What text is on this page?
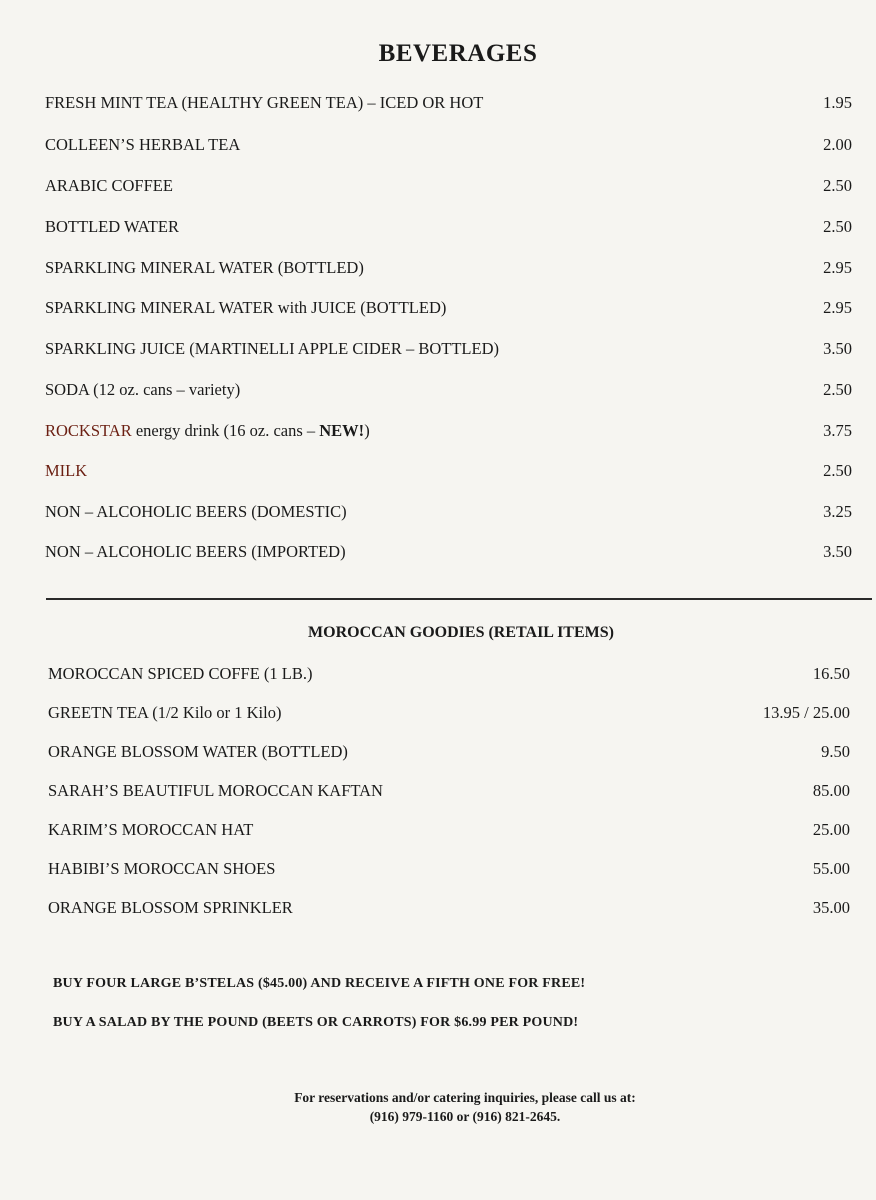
BEVERAGES
FRESH MINT TEA (HEALTHY GREEN TEA) – ICED OR HOT	1.95
COLLEEN’S HERBAL TEA	2.00
ARABIC COFFEE	2.50
BOTTLED WATER	2.50
SPARKLING MINERAL WATER (BOTTLED)	2.95
SPARKLING MINERAL WATER with JUICE (BOTTLED)	2.95
SPARKLING JUICE (MARTINELLI APPLE CIDER – BOTTLED)	3.50
SODA (12 oz. cans – variety)	2.50
ROCKSTAR energy drink (16 oz. cans – NEW!)	3.75
MILK	2.50
NON – ALCOHOLIC BEERS (DOMESTIC)	3.25
NON – ALCOHOLIC BEERS (IMPORTED)	3.50
MOROCCAN GOODIES (RETAIL ITEMS)
MOROCCAN SPICED COFFE (1 LB.)	16.50
GREETN TEA (1/2 Kilo or 1 Kilo)	13.95 / 25.00
ORANGE BLOSSOM WATER (BOTTLED)	9.50
SARAH’S BEAUTIFUL MOROCCAN KAFTAN	85.00
KARIM’S MOROCCAN HAT	25.00
HABIBI’S MOROCCAN SHOES	55.00
ORANGE BLOSSOM SPRINKLER	35.00
BUY FOUR LARGE B’STELAS ($45.00) AND RECEIVE A FIFTH ONE FOR FREE!
BUY A SALAD BY THE POUND (BEETS OR CARROTS) FOR $6.99 PER POUND!
For reservations and/or catering inquiries, please call us at:
(916) 979-1160 or (916) 821-2645.
